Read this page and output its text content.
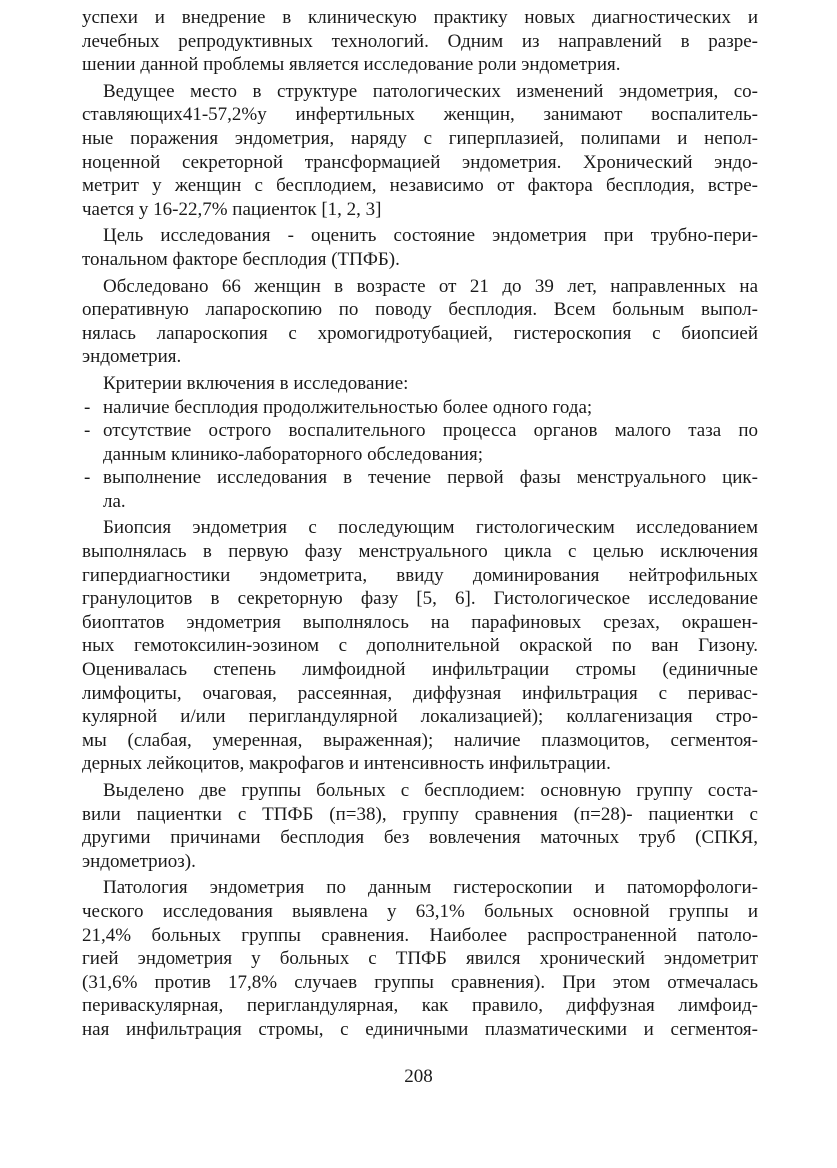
успехи и внедрение в клиническую практику новых диагностических и
лечебных репродуктивных технологий. Одним из направлений в разре-
шении данной проблемы является исследование роли эндометрия.
Ведущее место в структуре патологических изменений эндометрия, со-
ставляющих41-57,2%у инфертильных женщин, занимают воспалитель-
ные поражения эндометрия, наряду с гиперплазией, полипами и непол-
ноценной секреторной трансформацией эндометрия. Хронический эндо-
метрит у женщин с бесплодием, независимо от фактора бесплодия, встре-
чается у 16-22,7% пациенток [1, 2, 3]
Цель исследования - оценить состояние эндометрия при трубно-пери-
тональном факторе бесплодия (ТПФБ).
Обследовано 66 женщин в возрасте от 21 до 39 лет, направленных на
оперативную лапароскопию по поводу бесплодия. Всем больным выпол-
нялась лапароскопия с хромогидротубацией, гистероскопия с биопсией
эндометрия.
Критерии включения в исследование:
- наличие бесплодия продолжительностью более одного года;
- отсутствие острого воспалительного процесса органов малого таза по
данным клинико-лабораторного обследования;
- выполнение исследования в течение первой фазы менструального цик-
ла.
Биопсия эндометрия с последующим гистологическим исследованием
выполнялась в первую фазу менструального цикла с целью исключения
гипердиагностики эндометрита, ввиду доминирования нейтрофильных
гранулоцитов в секреторную фазу [5, 6]. Гистологическое исследование
биоптатов эндометрия выполнялось на парафиновых срезах, окрашен-
ных гемотоксилин-эозином с дополнительной окраской по ван Гизону.
Оценивалась степень лимфоидной инфильтрации стромы (единичные
лимфоциты, очаговая, рассеянная, диффузная инфильтрация с перивас-
кулярной и/или перигландулярной локализацией); коллагенизация стро-
мы (слабая, умеренная, выраженная); наличие плазмоцитов, сегментоя-
дерных лейкоцитов, макрофагов и интенсивность инфильтрации.
Выделено две группы больных с бесплодием: основную группу соста-
вили пациентки с ТПФБ (п=38), группу сравнения (п=28)- пациентки с
другими причинами бесплодия без вовлечения маточных труб (СПКЯ,
эндометриоз).
Патология эндометрия по данным гистероскопии и патоморфологи-
ческого исследования выявлена у 63,1% больных основной группы и
21,4% больных группы сравнения. Наиболее распространенной патоло-
гией эндометрия у больных с ТПФБ явился хронический эндометрит
(31,6% против 17,8% случаев группы сравнения). При этом отмечалась
периваскулярная, перигландулярная, как правило, диффузная лимфоид-
ная инфильтрация стромы, с единичными плазматическими и сегментоя-
208
